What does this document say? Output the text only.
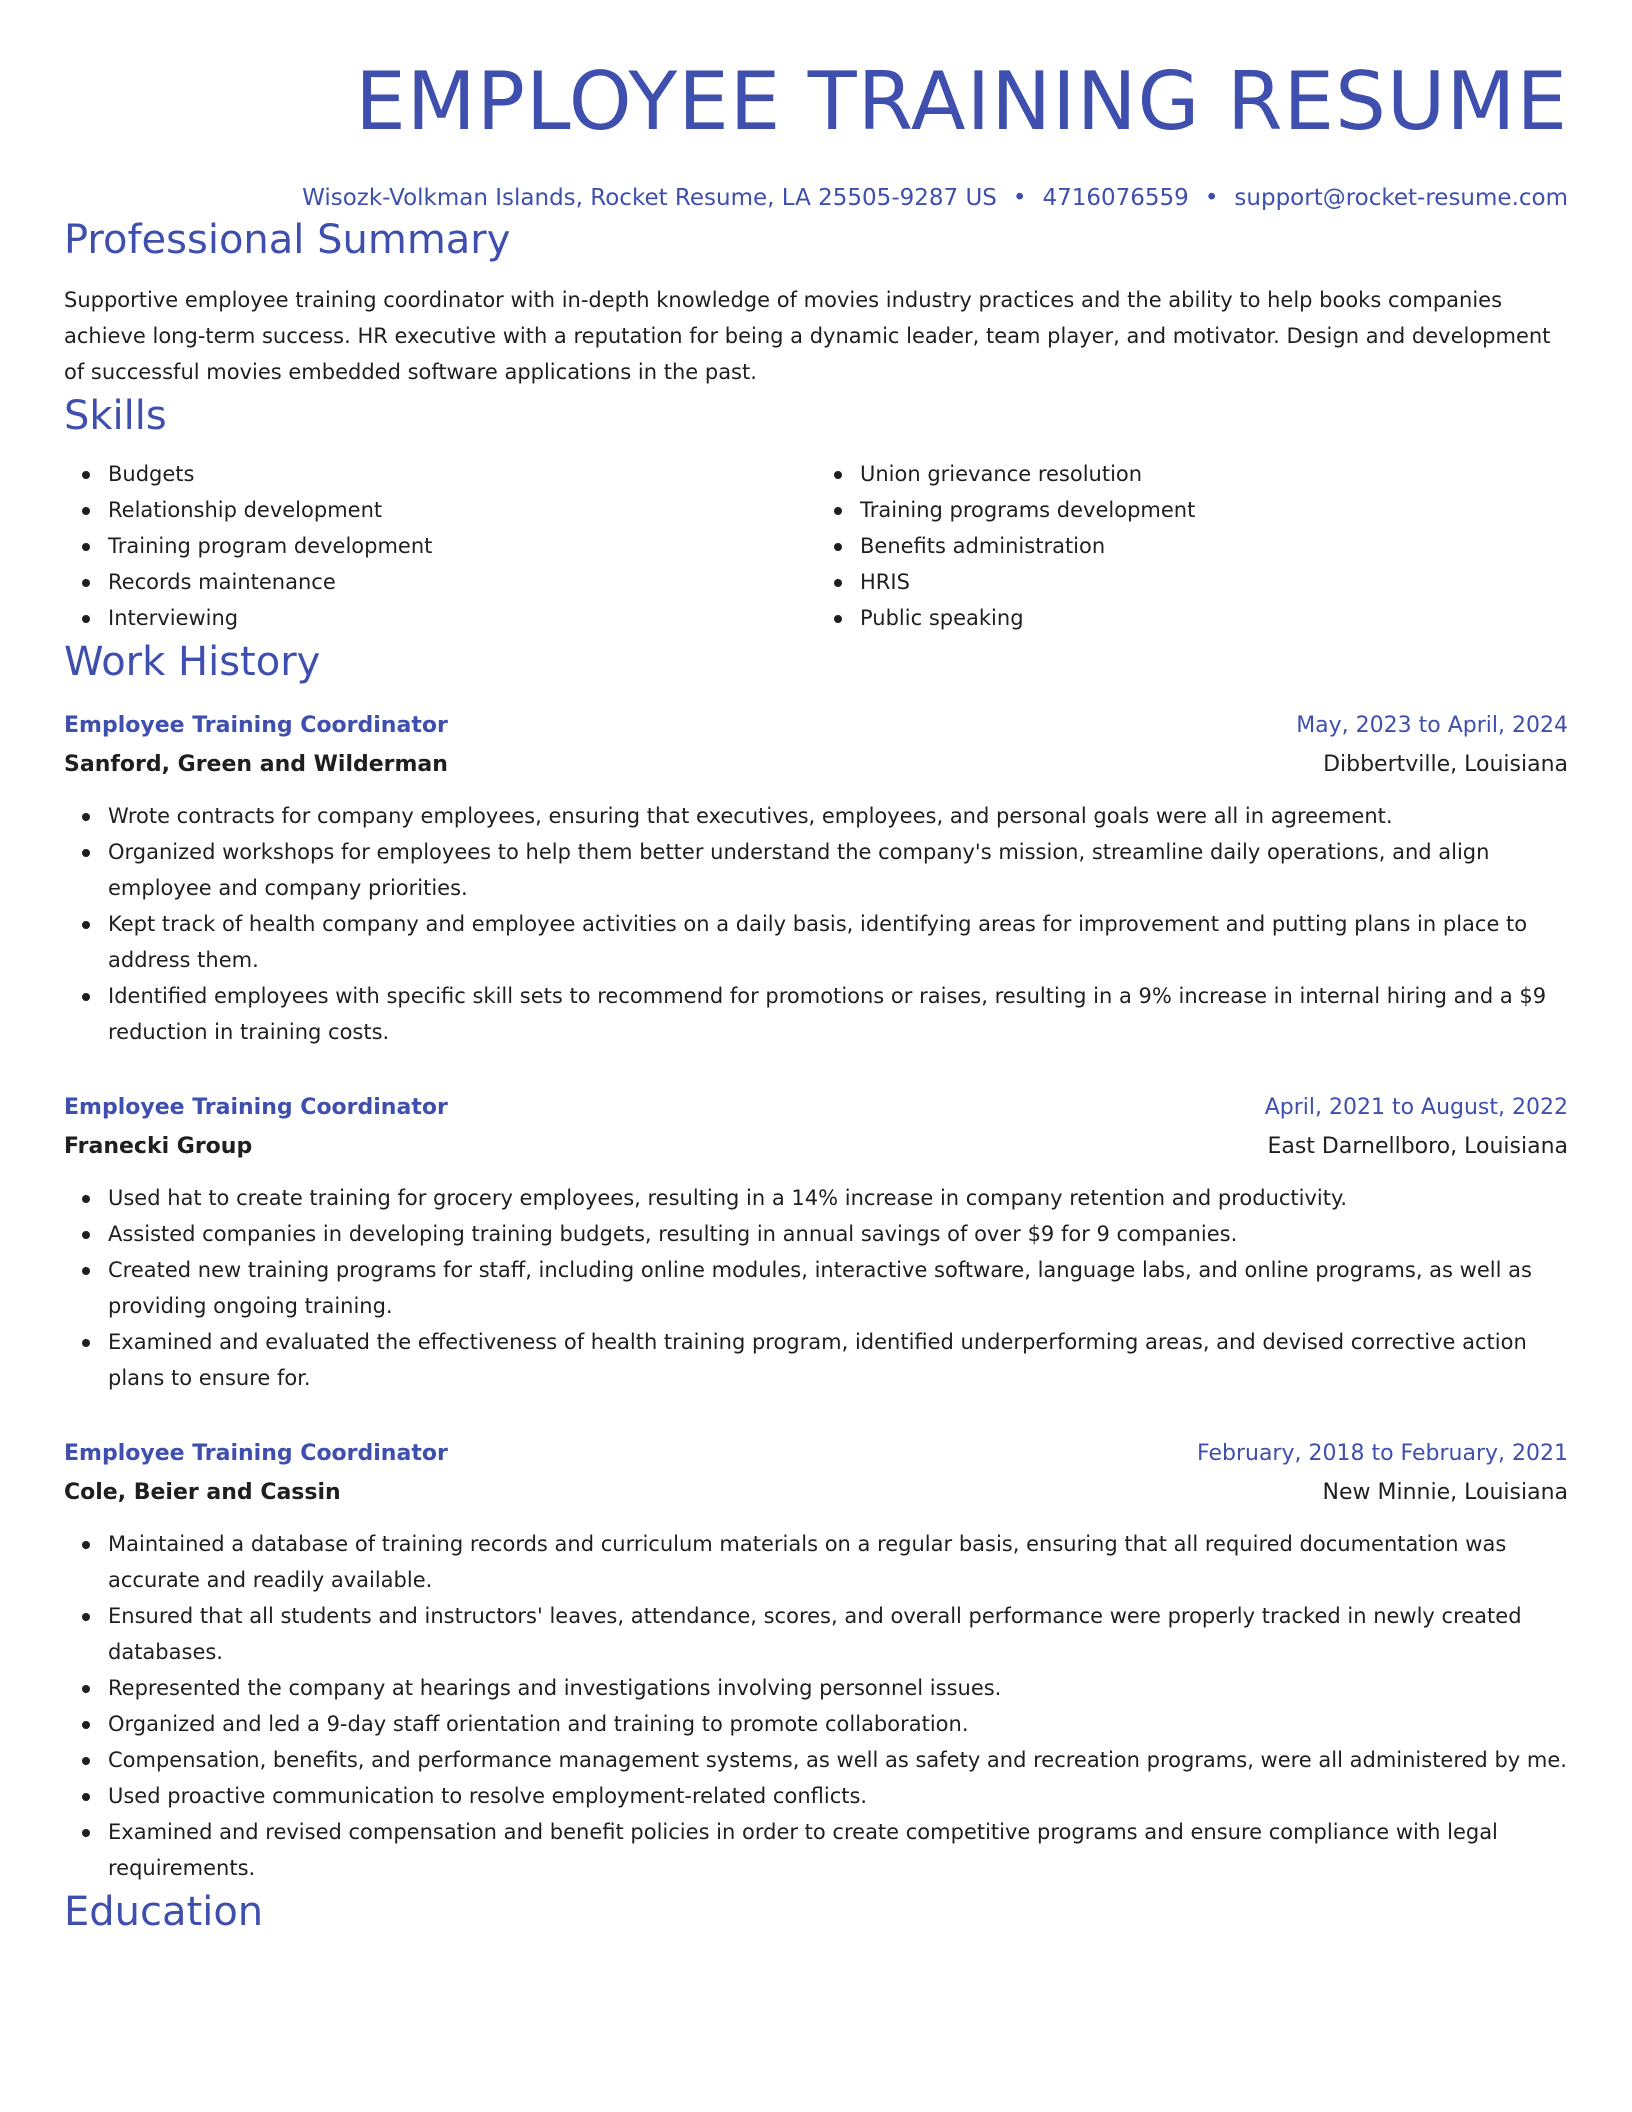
EMPLOYEE TRAINING RESUME
Wisozk-Volkman Islands, Rocket Resume, LA 25505-9287 US • 4716076559 • support@rocket-resume.com
Professional Summary
Supportive employee training coordinator with in-depth knowledge of movies industry practices and the ability to help books companies achieve long-term success. HR executive with a reputation for being a dynamic leader, team player, and motivator. Design and development of successful movies embedded software applications in the past.
Skills
Budgets
Relationship development
Training program development
Records maintenance
Interviewing
Union grievance resolution
Training programs development
Benefits administration
HRIS
Public speaking
Work History
Employee Training Coordinator	May, 2023 to April, 2024
Sanford, Green and Wilderman	Dibbertville, Louisiana
Wrote contracts for company employees, ensuring that executives, employees, and personal goals were all in agreement.
Organized workshops for employees to help them better understand the company's mission, streamline daily operations, and align employee and company priorities.
Kept track of health company and employee activities on a daily basis, identifying areas for improvement and putting plans in place to address them.
Identified employees with specific skill sets to recommend for promotions or raises, resulting in a 9% increase in internal hiring and a $9 reduction in training costs.
Employee Training Coordinator	April, 2021 to August, 2022
Franecki Group	East Darnellboro, Louisiana
Used hat to create training for grocery employees, resulting in a 14% increase in company retention and productivity.
Assisted companies in developing training budgets, resulting in annual savings of over $9 for 9 companies.
Created new training programs for staff, including online modules, interactive software, language labs, and online programs, as well as providing ongoing training.
Examined and evaluated the effectiveness of health training program, identified underperforming areas, and devised corrective action plans to ensure for.
Employee Training Coordinator	February, 2018 to February, 2021
Cole, Beier and Cassin	New Minnie, Louisiana
Maintained a database of training records and curriculum materials on a regular basis, ensuring that all required documentation was accurate and readily available.
Ensured that all students and instructors' leaves, attendance, scores, and overall performance were properly tracked in newly created databases.
Represented the company at hearings and investigations involving personnel issues.
Organized and led a 9-day staff orientation and training to promote collaboration.
Compensation, benefits, and performance management systems, as well as safety and recreation programs, were all administered by me.
Used proactive communication to resolve employment-related conflicts.
Examined and revised compensation and benefit policies in order to create competitive programs and ensure compliance with legal requirements.
Education
